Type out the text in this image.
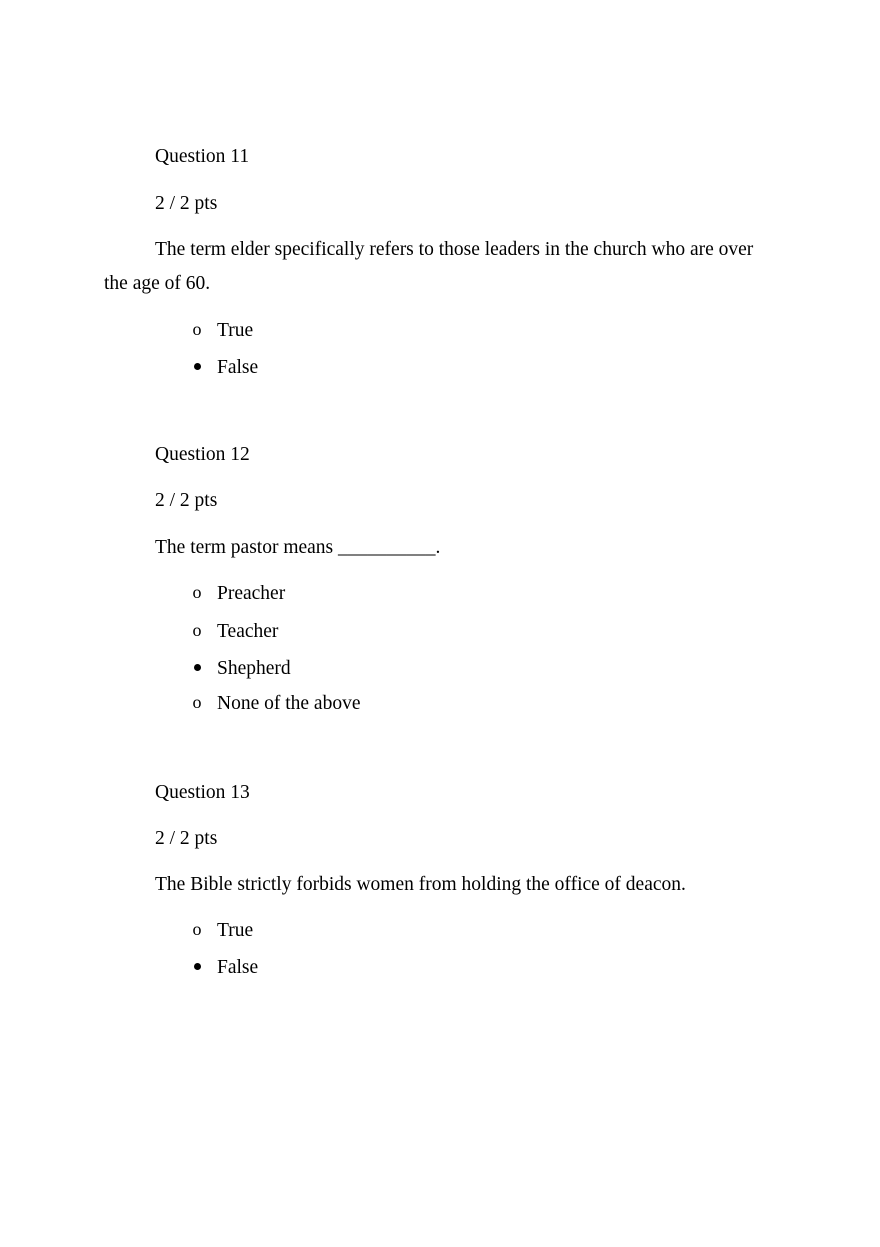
Question 11
2 / 2 pts
The term elder specifically refers to those leaders in the church who are over
the age of 60.
o True
False
Question 12
2 / 2 pts
The term pastor means __________.
o Preacher
o Teacher
Shepherd
o None of the above
Question 13
2 / 2 pts
The Bible strictly forbids women from holding the office of deacon.
o True
False
